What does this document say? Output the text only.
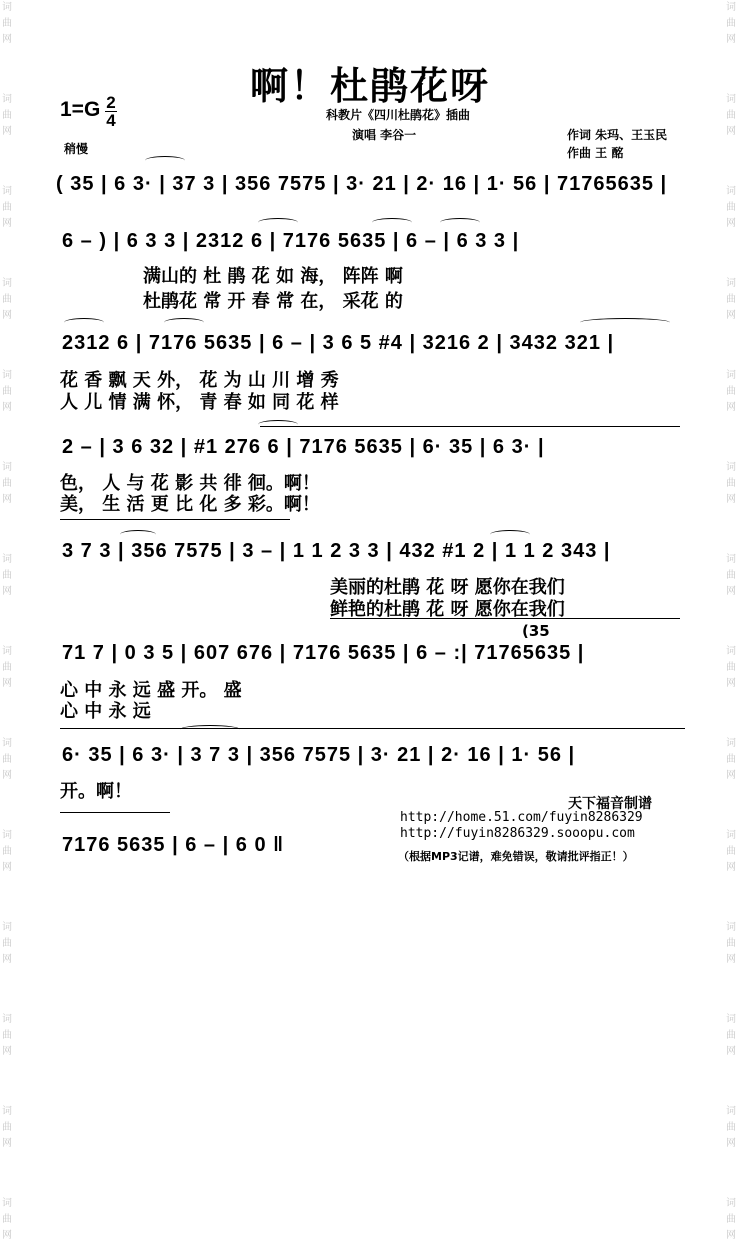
词曲网
词曲网
词曲网
词曲网
词曲网
词曲网
词曲网
词曲网
词曲网
词曲网
词曲网
词曲网
词曲网
词曲网
词曲网
词曲网
词曲网
词曲网
词曲网
词曲网
词曲网
词曲网
词曲网
词曲网
词曲网
词曲网
词曲网
词曲网
啊！杜鹃花呀
1=G 2
4
稍慢
科教片《四川杜鹃花》插曲
演唱 李谷一	作词 朱玛、王玉民
作曲 王 酩
( 35 | 6 3· | 37 3 | 356 7575 | 3· 21 | 2· 16 | 1· 56 | 71765635 |
6 – ) | 6 3 3 | 2312 6 | 7176 5635 | 6 – | 6 3 3 |
满山的 杜 鹃 花 如 海， 阵阵 啊
杜鹃花 常 开 春 常 在， 采花 的
2312 6 | 7176 5635 | 6 – | 3 6 5 #4 | 3216 2 | 3432 321 |
花 香 飘 天 外， 花 为 山 川 增 秀
人 儿 情 满 怀， 青 春 如 同 花 样
2 – | 3 6 32 | #1 276 6 | 7176 5635 | 6· 35 | 6 3· |
色， 人 与 花 影 共 徘 徊。啊！
美， 生 活 更 比 化 多 彩。啊！
3 7 3 | 356 7575 | 3 – | 1 1 2 3 3 | 432 #1 2 | 1 1 2 343 |
美丽的杜鹃 花 呀 愿你在我们
鲜艳的杜鹃 花 呀 愿你在我们
(35
71 7 | 0 3 5 | 607 676 | 7176 5635 | 6 – :| 71765635 |
心 中 永 远 盛 开。 盛
心 中 永 远
6· 35 | 6 3· | 3 7 3 | 356 7575 | 3· 21 | 2· 16 | 1· 56 |
开。啊！
7176 5635 | 6 – | 6 0 ‖
天下福音制谱
http://home.51.com/fuyin8286329
http://fuyin8286329.sooopu.com
（根据MP3记谱，难免错误，敬请批评指正！）
